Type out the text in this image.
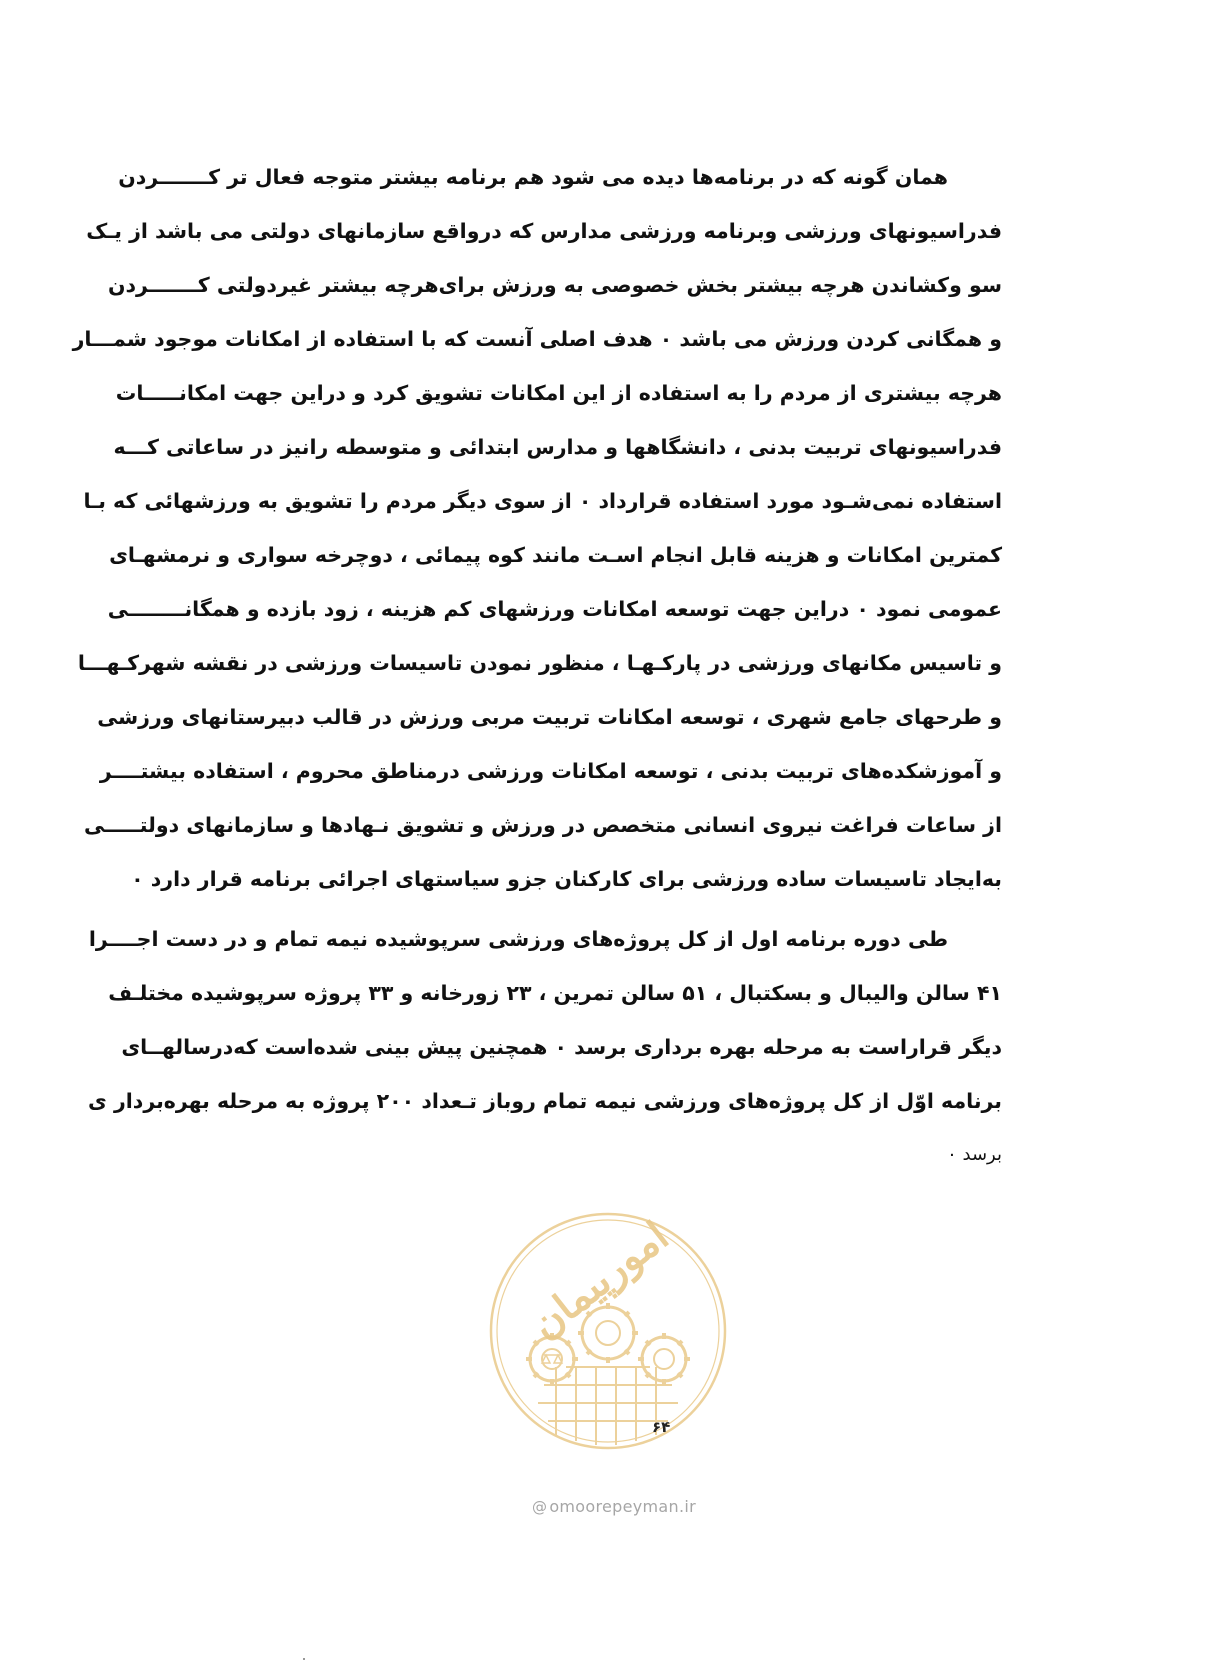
همان گونه که در برنامه‌ها دیده می شود هم برنامه بیشتر متوجه فعال تر کـــــــردن
فدراسیونهای ورزشی وبرنامه ورزشی مدارس که درواقع سازمانهای دولتی می باشد از یـک
سو وکشاندن هرچه بیشتر بخش خصوصی به ورزش برای‌هرچه بیشتر غیردولتی کـــــــردن
و همگانی کردن ورزش می باشد ۰ هدف اصلی آنست که با استفاده از امکانات موجود شمـــار
هرچه بیشتری از مردم را به استفاده از این امکانات تشویق کرد و دراین جهت امکانـــــات
فدراسیونهای تربیت بدنی ، دانشگاهها و مدارس ابتدائی و متوسطه رانیز در ساعاتی کـــه
استفاده نمی‌شـود مورد استفاده قرارداد ۰ از سوی دیگر مردم را تشویق به ورزشهائی که بـا
کمترین امکانات و هزینه قابل انجام اسـت مانند کوه پیمائی ، دوچرخه سواری و نرمشهـای
عمومی نمود ۰ دراین جهت توسعه امکانات ورزشهای کم هزینه ، زود بازده و همگانــــــــی
و تاسیس مکانهای ورزشی در پارکـهـا ، منظور نمودن تاسیسات ورزشی در نقشه شهرکـهـــا
و طرحهای جامع شهری ، توسعه امکانات تربیت مربی ورزش در قالب دبیرستانهای ورزشی
و آموزشکده‌های تربیت بدنی ، توسعه امکانات ورزشی درمناطق محروم ، استفاده بیشتــــر
از ساعات فراغت نیروی انسانی متخصص در ورزش و تشویق نـهادها و سازمانهای دولتـــــی
به‌ایجاد تاسیسات ساده ورزشی برای کارکنان جزو سیاستهای اجرائی برنامه قرار دارد ۰
طی دوره برنامه اول از کل پروژه‌های ورزشی سرپوشیده نیمه تمام و در دست اجــــرا
۴۱ سالن والیبال و بسکتبال ، ۵۱ سالن تمرین ، ۲۳ زورخانه و ۳۳ پروژه سرپوشیده مختلـف
دیگر قرار‌است به مرحله بهره برداری برسد ۰ همچنین پیش بینی شده‌است که‌درسالهــای
برنامه اوّل از کل پروژه‌های ورزشی نیمه تمام روباز تـعداد ۲۰۰ پروژه به مرحله بهره‌بردار ی
برسد ۰
امورپیمان
۶۴
@ omoorepeyman.ir
